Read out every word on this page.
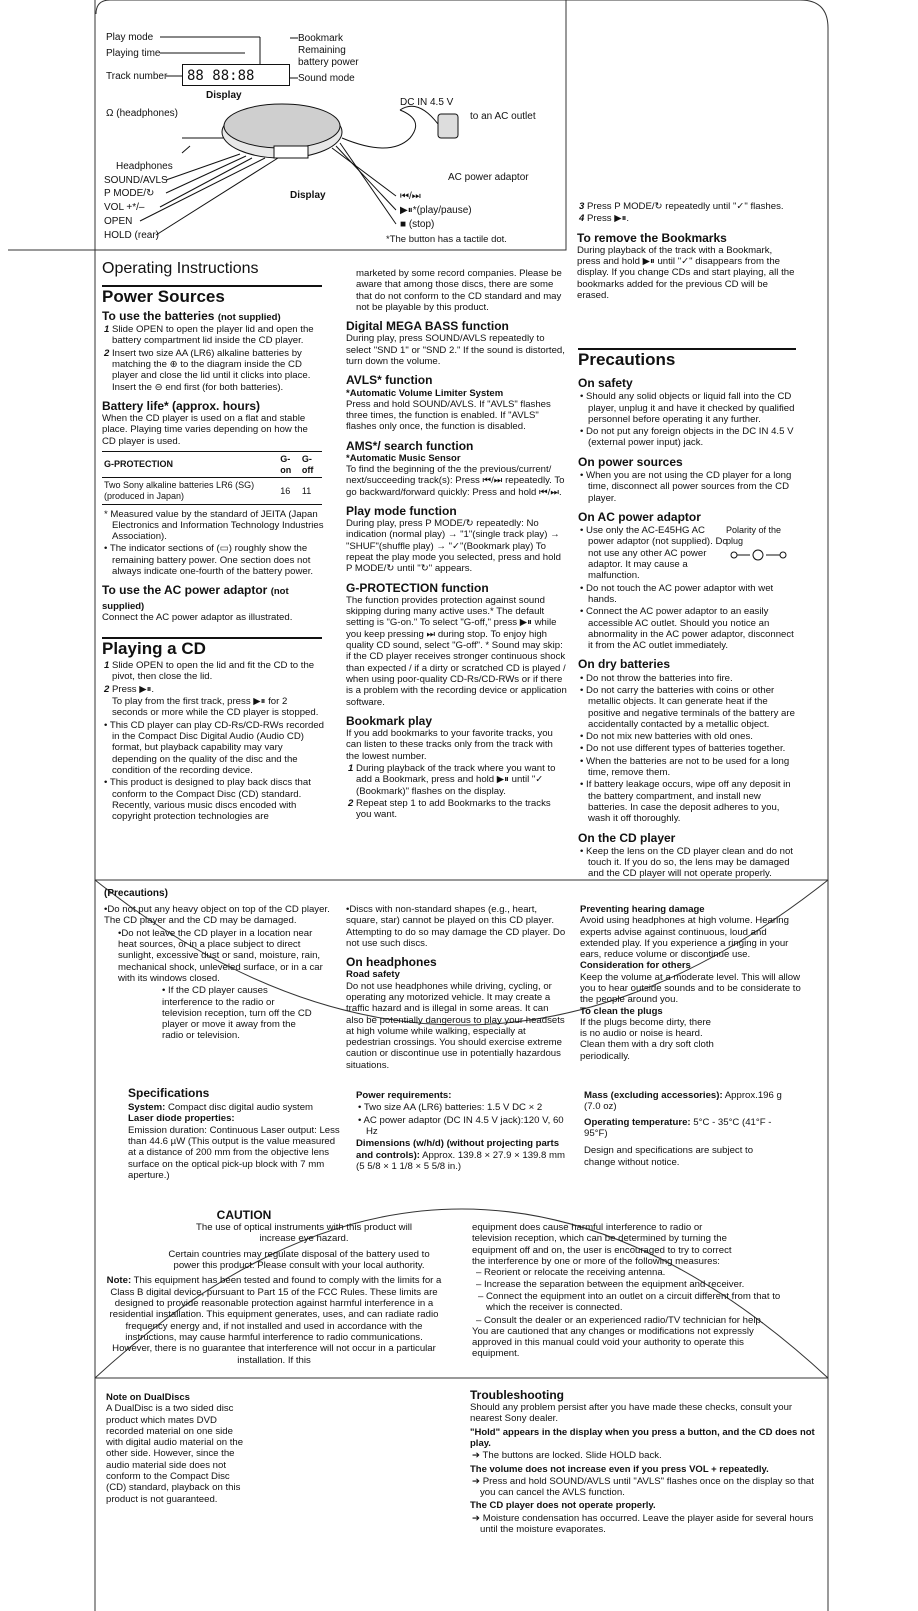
Play mode
Playing time
Track number
Display
Bookmark
Remaining
battery power
Sound mode
88 88:88
Ω (headphones)
Headphones
SOUND/AVLS
P MODE/↻
VOL +*/–
OPEN
HOLD (rear)
Display
DC IN 4.5 V
to an AC outlet
AC power adaptor
⏮/⏭
▶⏸*(play/pause)
■ (stop)
*The button has a tactile dot.

3 Press P MODE/↻ repeatedly until "✓" flashes.

4 Press ▶⏸.

To remove the Bookmarks

During playback of the track with a Bookmark, press and hold ▶⏸ until "✓" disappears from the display. If you change CDs and start playing, all the bookmarks added for the previous CD will be erased.

Operating Instructions
Power Sources
To use the batteries (not supplied)

1 Slide OPEN to open the player lid and open the battery compartment lid inside the CD player.

2 Insert two size AA (LR6) alkaline batteries by matching the ⊕ to the diagram inside the CD player and close the lid until it clicks into place. Insert the ⊖ end first (for both batteries).

Battery life* (approx. hours)

When the CD player is used on a flat and stable place. Playing time varies depending on how the CD player is used.

G-PROTECTION	G-on	G-off
Two Sony alkaline batteries LR6 (SG)(produced in Japan)	16	11

* Measured value by the standard of JEITA (Japan Electronics and Information Technology Industries Association).

• The indicator sections of (▭) roughly show the remaining battery power. One section does not always indicate one-fourth of the battery power.

To use the AC power adaptor (not supplied)

Connect the AC power adaptor as illustrated.

Playing a CD

1 Slide OPEN to open the lid and fit the CD to the pivot, then close the lid.

2 Press ▶⏸.

To play from the first track, press ▶⏸ for 2 seconds or more while the CD player is stopped.

• This CD player can play CD-Rs/CD-RWs recorded in the Compact Disc Digital Audio (Audio CD) format, but playback capability may vary depending on the quality of the disc and the condition of the recording device.

• This product is designed to play back discs that conform to the Compact Disc (CD) standard. Recently, various music discs encoded with copyright protection technologies are

marketed by some record companies. Please be aware that among those discs, there are some that do not conform to the CD standard and may not be playable by this product.

Digital MEGA BASS function

During play, press SOUND/AVLS repeatedly to select "SND 1" or "SND 2." If the sound is distorted, turn down the volume.

AVLS* function
*Automatic Volume Limiter System

Press and hold SOUND/AVLS. If "AVLS" flashes three times, the function is enabled. If "AVLS" flashes only once, the function is disabled.

AMS*/ search function
*Automatic Music Sensor

To find the beginning of the the previous/current/ next/succeeding track(s): Press ⏮/⏭ repeatedly. To go backward/forward quickly: Press and hold ⏮/⏭.

Play mode function

During play, press P MODE/↻ repeatedly: No indication (normal play) → "1"(single track play) → "SHUF"(shuffle play) → "✓"(Bookmark play) To repeat the play mode you selected, press and hold P MODE/↻ until "↻" appears.

G-PROTECTION function

The function provides protection against sound skipping during many active uses.* The default setting is "G-on." To select "G-off," press ▶⏸ while you keep pressing ⏭ during stop. To enjoy high quality CD sound, select "G-off". * Sound may skip: if the CD player receives stronger continuous shock than expected / if a dirty or scratched CD is played / when using poor-quality CD-Rs/CD-RWs or if there is a problem with the recording device or application software.

Bookmark play

If you add bookmarks to your favorite tracks, you can listen to these tracks only from the track with the lowest number.

1 During playback of the track where you want to add a Bookmark, press and hold ▶⏸ until "✓ (Bookmark)" flashes on the display.

2 Repeat step 1 to add Bookmarks to the tracks you want.

Precautions
On safety

• Should any solid objects or liquid fall into the CD player, unplug it and have it checked by qualified personnel before operating it any further.

• Do not put any foreign objects in the DC IN 4.5 V (external power input) jack.

On power sources

• When you are not using the CD player for a long time, disconnect all power sources from the CD player.

On AC power adaptor

• Use only the AC-E45HG AC power adaptor (not supplied). Do not use any other AC power adaptor. It may cause a malfunction.

Polarity of the plug

• Do not touch the AC power adaptor with wet hands.

• Connect the AC power adaptor to an easily accessible AC outlet. Should you notice an abnormality in the AC power adaptor, disconnect it from the AC outlet immediately.

On dry batteries

• Do not throw the batteries into fire.

• Do not carry the batteries with coins or other metallic objects. It can generate heat if the positive and negative terminals of the battery are accidentally contacted by a metallic object.

• Do not mix new batteries with old ones.

• Do not use different types of batteries together.

• When the batteries are not to be used for a long time, remove them.

• If battery leakage occurs, wipe off any deposit in the battery compartment, and install new batteries. In case the deposit adheres to you, wash it off thoroughly.

On the CD player

• Keep the lens on the CD player clean and do not touch it. If you do so, the lens may be damaged and the CD player will not operate properly.

(Precautions)

•Do not put any heavy object on top of the CD player. The CD player and the CD may be damaged.

•Do not leave the CD player in a location near heat sources, or in a place subject to direct sunlight, excessive dust or sand, moisture, rain, mechanical shock, unleveled surface, or in a car with its windows closed.

• If the CD player causes interference to the radio or television reception, turn off the CD player or move it away from the radio or television.

•Discs with non-standard shapes (e.g., heart, square, star) cannot be played on this CD player. Attempting to do so may damage the CD player. Do not use such discs.

On headphones
Road safety

Do not use headphones while driving, cycling, or operating any motorized vehicle. It may create a traffic hazard and is illegal in some areas. It can also be potentially dangerous to play your headsets at high volume while walking, especially at pedestrian crossings. You should exercise extreme caution or discontinue use in potentially hazardous situations.

Preventing hearing damage

Avoid using headphones at high volume. Hearing experts advise against continuous, loud and extended play. If you experience a ringing in your ears, reduce volume or discontinue use.

Consideration for others

Keep the volume at a moderate level. This will allow you to hear outside sounds and to be considerate to the people around you.

To clean the plugs

If the plugs become dirty, there is no audio or noise is heard. Clean them with a dry soft cloth periodically.

Specifications

System: Compact disc digital audio system

Laser diode properties:

Emission duration: Continuous Laser output: Less than 44.6 µW (This output is the value measured at a distance of 200 mm from the objective lens surface on the optical pick-up block with 7 mm aperture.)

Power requirements:

• Two size AA (LR6) batteries: 1.5 V DC × 2

• AC power adaptor (DC IN 4.5 V jack):120 V, 60 Hz

Dimensions (w/h/d) (without projecting parts and controls): Approx. 139.8 × 27.9 × 139.8 mm (5 5/8 × 1 1/8 × 5 5/8 in.)

Mass (excluding accessories): Approx.196 g (7.0 oz)

Operating temperature: 5°C - 35°C (41°F - 95°F)

Design and specifications are subject to change without notice.

CAUTION

The use of optical instruments with this product will increase eye hazard.

Certain countries may regulate disposal of the battery used to power this product. Please consult with your local authority.

Note: This equipment has been tested and found to comply with the limits for a Class B digital device, pursuant to Part 15 of the FCC Rules. These limits are designed to provide reasonable protection against harmful interference in a residential installation. This equipment generates, uses, and can radiate radio frequency energy and, if not installed and used in accordance with the instructions, may cause harmful interference to radio communications. However, there is no guarantee that interference will not occur in a particular installation. If this

equipment does cause harmful interference to radio or television reception, which can be determined by turning the equipment off and on, the user is encouraged to try to correct the interference by one or more of the following measures:

– Reorient or relocate the receiving antenna.

– Increase the separation between the equipment and receiver.

– Connect the equipment into an outlet on a circuit different from that to which the receiver is connected.

– Consult the dealer or an experienced radio/TV technician for help.

You are cautioned that any changes or modifications not expressly approved in this manual could void your authority to operate this equipment.

Note on DualDiscs

A DualDisc is a two sided disc product which mates DVD recorded material on one side with digital audio material on the other side. However, since the audio material side does not conform to the Compact Disc (CD) standard, playback on this product is not guaranteed.

Troubleshooting

Should any problem persist after you have made these checks, consult your nearest Sony dealer.

"Hold" appears in the display when you press a button, and the CD does not play.

➔ The buttons are locked. Slide HOLD back.

The volume does not increase even if you press VOL + repeatedly.

➔ Press and hold SOUND/AVLS until "AVLS" flashes once on the display so that you can cancel the AVLS function.

The CD player does not operate properly.

➔ Moisture condensation has occurred. Leave the player aside for several hours until the moisture evaporates.
